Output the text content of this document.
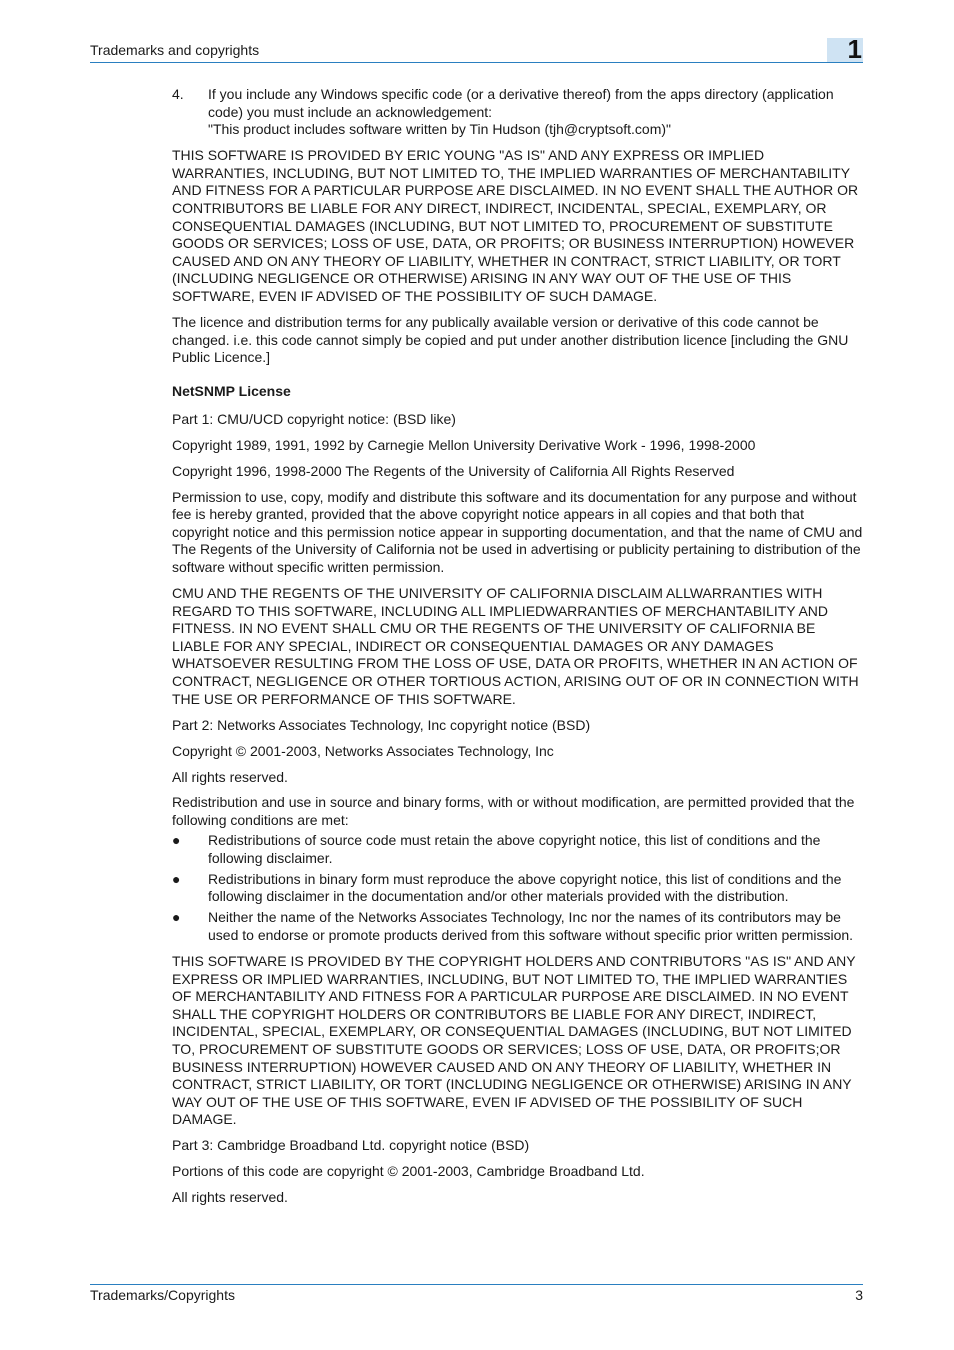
Trademarks and copyrights	1
4. If you include any Windows specific code (or a derivative thereof) from the apps directory (application code) you must include an acknowledgement:
"This product includes software written by Tin Hudson (tjh@cryptsoft.com)"

THIS SOFTWARE IS PROVIDED BY ERIC YOUNG "AS IS" AND ANY EXPRESS OR IMPLIED WARRANTIES, INCLUDING, BUT NOT LIMITED TO, THE IMPLIED WARRANTIES OF MERCHANTABILITY AND FITNESS FOR A PARTICULAR PURPOSE ARE DISCLAIMED. IN NO EVENT SHALL THE AUTHOR OR CONTRIBUTORS BE LIABLE FOR ANY DIRECT, INDIRECT, INCIDENTAL, SPECIAL, EXEMPLARY, OR CONSEQUENTIAL DAMAGES (INCLUDING, BUT NOT LIMITED TO, PROCUREMENT OF SUBSTITUTE GOODS OR SERVICES; LOSS OF USE, DATA, OR PROFITS; OR BUSINESS INTERRUPTION) HOWEVER CAUSED AND ON ANY THEORY OF LIABILITY, WHETHER IN CONTRACT, STRICT LIABILITY, OR TORT (INCLUDING NEGLIGENCE OR OTHERWISE) ARISING IN ANY WAY OUT OF THE USE OF THIS SOFTWARE, EVEN IF ADVISED OF THE POSSIBILITY OF SUCH DAMAGE.

The licence and distribution terms for any publically available version or derivative of this code cannot be changed. i.e. this code cannot simply be copied and put under another distribution licence [including the GNU Public Licence.]

NetSNMP License

Part 1: CMU/UCD copyright notice: (BSD like)

Copyright 1989, 1991, 1992 by Carnegie Mellon University Derivative Work - 1996, 1998-2000

Copyright 1996, 1998-2000 The Regents of the University of California All Rights Reserved

Permission to use, copy, modify and distribute this software and its documentation for any purpose and without fee is hereby granted, provided that the above copyright notice appears in all copies and that both that copyright notice and this permission notice appear in supporting documentation, and that the name of CMU and The Regents of the University of California not be used in advertising or publicity pertaining to distribution of the software without specific written permission.

CMU AND THE REGENTS OF THE UNIVERSITY OF CALIFORNIA DISCLAIM ALLWARRANTIES WITH REGARD TO THIS SOFTWARE, INCLUDING ALL IMPLIEDWARRANTIES OF MERCHANTABILITY AND FITNESS. IN NO EVENT SHALL CMU OR THE REGENTS OF THE UNIVERSITY OF CALIFORNIA BE LIABLE FOR ANY SPECIAL, INDIRECT OR CONSEQUENTIAL DAMAGES OR ANY DAMAGES WHATSOEVER RESULTING FROM THE LOSS OF USE, DATA OR PROFITS, WHETHER IN AN ACTION OF CONTRACT, NEGLIGENCE OR OTHER TORTIOUS ACTION, ARISING OUT OF OR IN CONNECTION WITH THE USE OR PERFORMANCE OF THIS SOFTWARE.

Part 2: Networks Associates Technology, Inc copyright notice (BSD)

Copyright © 2001-2003, Networks Associates Technology, Inc

All rights reserved.

Redistribution and use in source and binary forms, with or without modification, are permitted provided that the following conditions are met:

● Redistributions of source code must retain the above copyright notice, this list of conditions and the following disclaimer.
● Redistributions in binary form must reproduce the above copyright notice, this list of conditions and the following disclaimer in the documentation and/or other materials provided with the distribution.
● Neither the name of the Networks Associates Technology, Inc nor the names of its contributors may be used to endorse or promote products derived from this software without specific prior written permission.

THIS SOFTWARE IS PROVIDED BY THE COPYRIGHT HOLDERS AND CONTRIBUTORS "AS IS" AND ANY EXPRESS OR IMPLIED WARRANTIES, INCLUDING, BUT NOT LIMITED TO, THE IMPLIED WARRANTIES OF MERCHANTABILITY AND FITNESS FOR A PARTICULAR PURPOSE ARE DISCLAIMED. IN NO EVENT SHALL THE COPYRIGHT HOLDERS OR CONTRIBUTORS BE LIABLE FOR ANY DIRECT, INDIRECT, INCIDENTAL, SPECIAL, EXEMPLARY, OR CONSEQUENTIAL DAMAGES (INCLUDING, BUT NOT LIMITED TO, PROCUREMENT OF SUBSTITUTE GOODS OR SERVICES; LOSS OF USE, DATA, OR PROFITS;OR BUSINESS INTERRUPTION) HOWEVER CAUSED AND ON ANY THEORY OF LIABILITY, WHETHER IN CONTRACT, STRICT LIABILITY, OR TORT (INCLUDING NEGLIGENCE OR OTHERWISE) ARISING IN ANY WAY OUT OF THE USE OF THIS SOFTWARE, EVEN IF ADVISED OF THE POSSIBILITY OF SUCH DAMAGE.

Part 3: Cambridge Broadband Ltd. copyright notice (BSD)

Portions of this code are copyright © 2001-2003, Cambridge Broadband Ltd.

All rights reserved.

Trademarks/Copyrights	3
